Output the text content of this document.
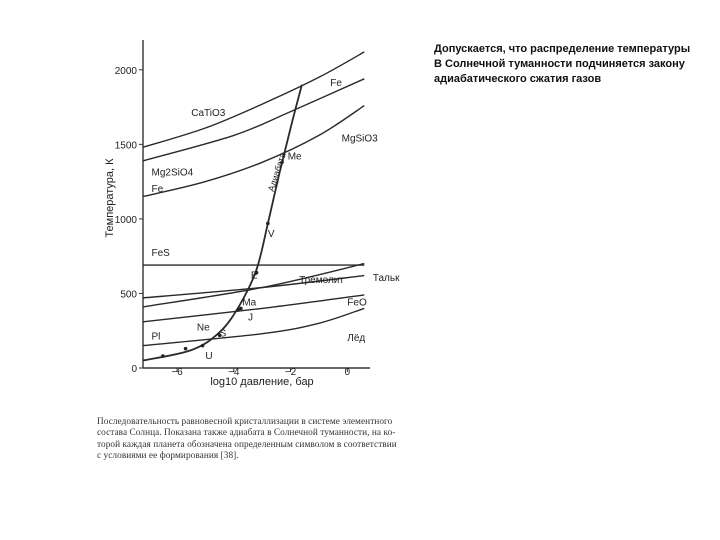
0
500
1000
1500
2000
−6	−4	−2	0
Fe
CaTiO3
MgSiO3
Mg2SiO4
Fe
FeS
Тремолит	Тальк
FeO
Лёд
Me
V
E
Ma
J
S
U
Ne
Pl
Адиабата
Температура, К
log10 давление, бар
Допускается, что распределение температуры
В Солнечной туманности подчиняется закону
адиабатического сжатия газов
Последовательность равновесной кристаллизации в системе элементного
состава Солнца. Показана также адиабата в Солнечной туманности, на ко-
торой каждая планета обозначена определенным символом в соответствии
с условиями ее формирования [38].
